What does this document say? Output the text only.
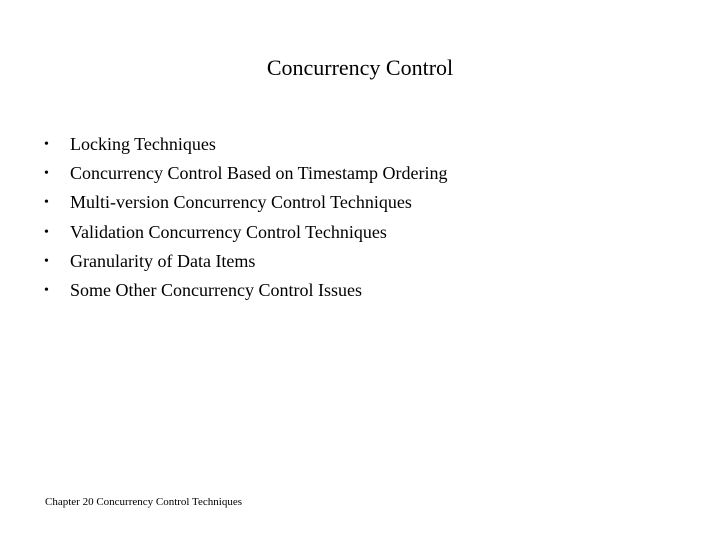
Concurrency Control
• Locking Techniques
• Concurrency Control Based on Timestamp Ordering
• Multi-version Concurrency Control Techniques
• Validation Concurrency Control Techniques
• Granularity of Data Items
• Some Other Concurrency Control Issues
Chapter 20 Concurrency Control Techniques
